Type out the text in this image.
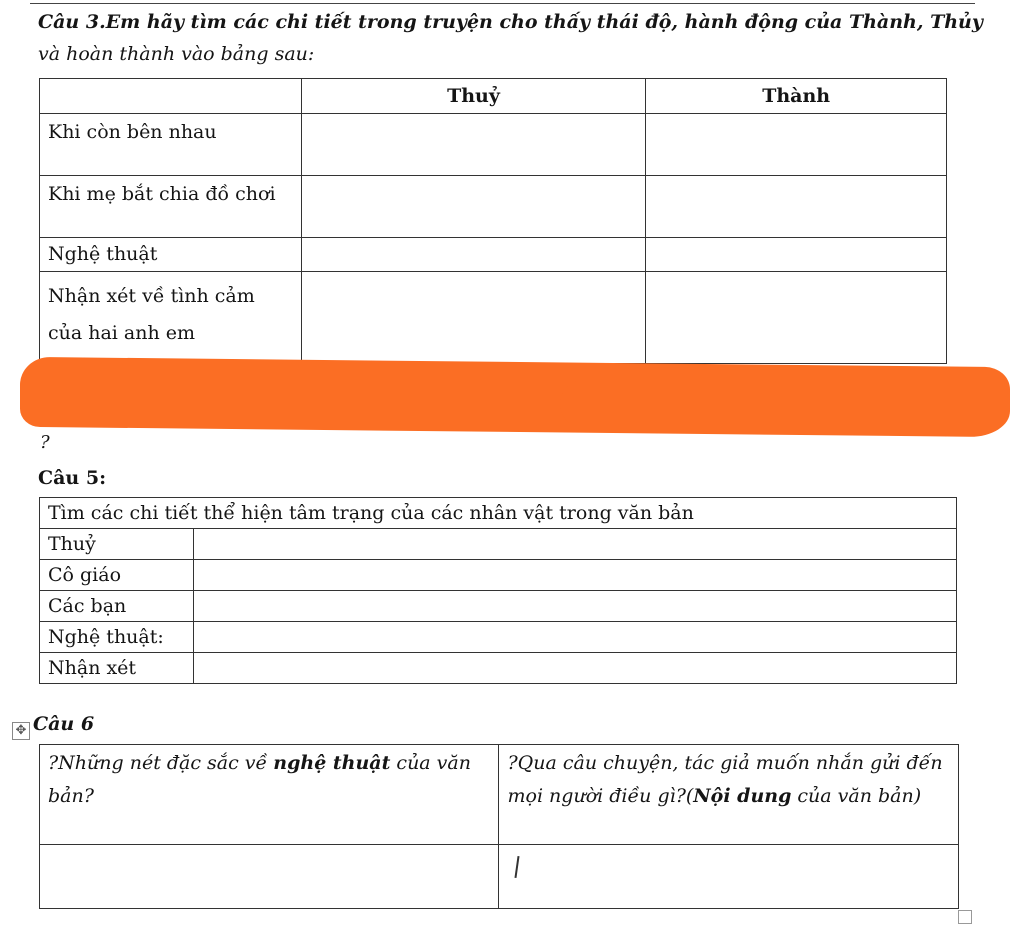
Câu 3.Em hãy tìm các chi tiết trong truyện cho thấy thái độ, hành động của Thành, Thủy
và hoàn thành vào bảng sau:
	Thuỷ	Thành
Khi còn bên nhau		
Khi mẹ bắt chia đồ chơi		
Nghệ thuật		
Nhận xét về tình cảm
của hai anh em		
?
Câu 5:
Tìm các chi tiết thể hiện tâm trạng của các nhân vật trong văn bản	
Thuỷ	
Cô giáo	
Các bạn	
Nghệ thuật:	
Nhận xét	
✥ Câu 6
?Những nét đặc sắc về nghệ thuật của văn bản?	?Qua câu chuyện, tác giả muốn nhắn gửi đến mọi người điều gì?(Nội dung của văn bản)
